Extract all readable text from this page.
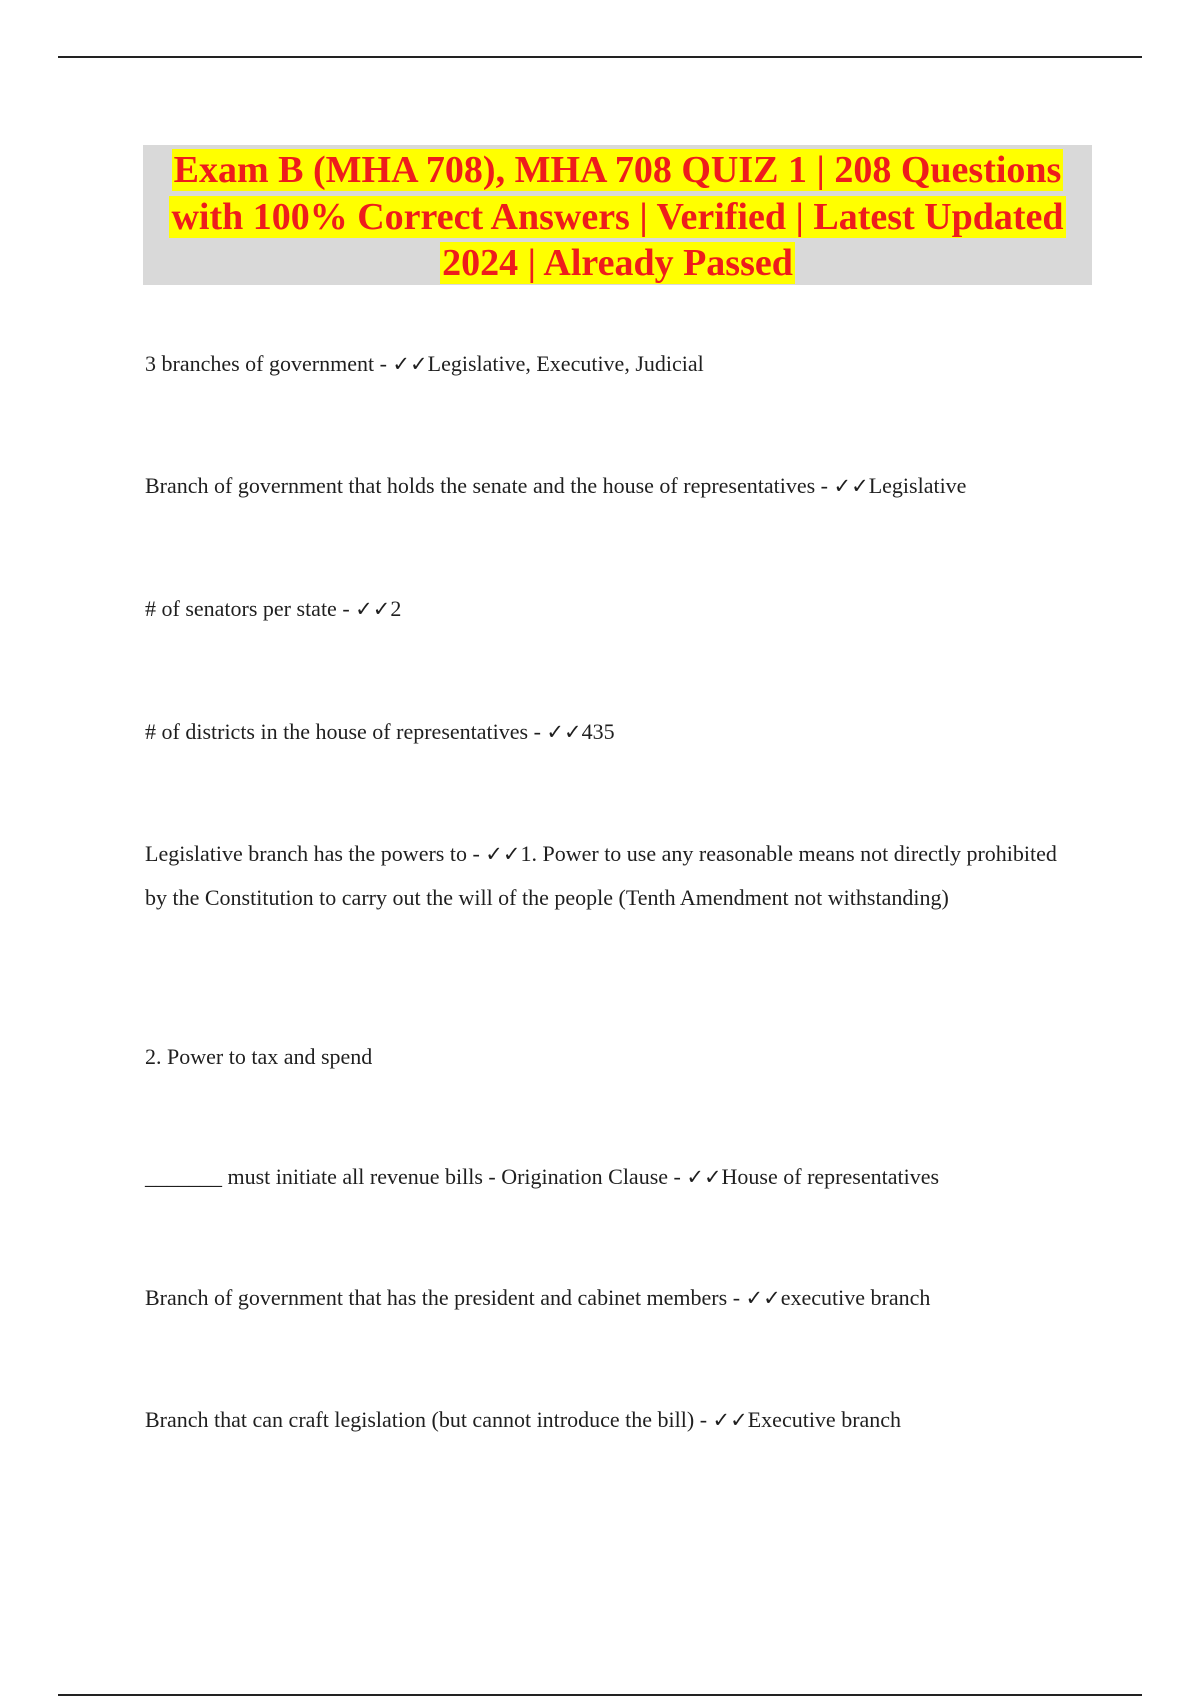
Exam B (MHA 708), MHA 708 QUIZ 1 | 208 Questions with 100% Correct Answers | Verified | Latest Updated 2024 | Already Passed
3 branches of government - ✓✓Legislative, Executive, Judicial
Branch of government that holds the senate and the house of representatives - ✓✓Legislative
# of senators per state - ✓✓2
# of districts in the house of representatives - ✓✓435
Legislative branch has the powers to - ✓✓1. Power to use any reasonable means not directly prohibited by the Constitution to carry out the will of the people (Tenth Amendment not withstanding)
2. Power to tax and spend
_______ must initiate all revenue bills - Origination Clause - ✓✓House of representatives
Branch of government that has the president and cabinet members - ✓✓executive branch
Branch that can craft legislation (but cannot introduce the bill) - ✓✓Executive branch
